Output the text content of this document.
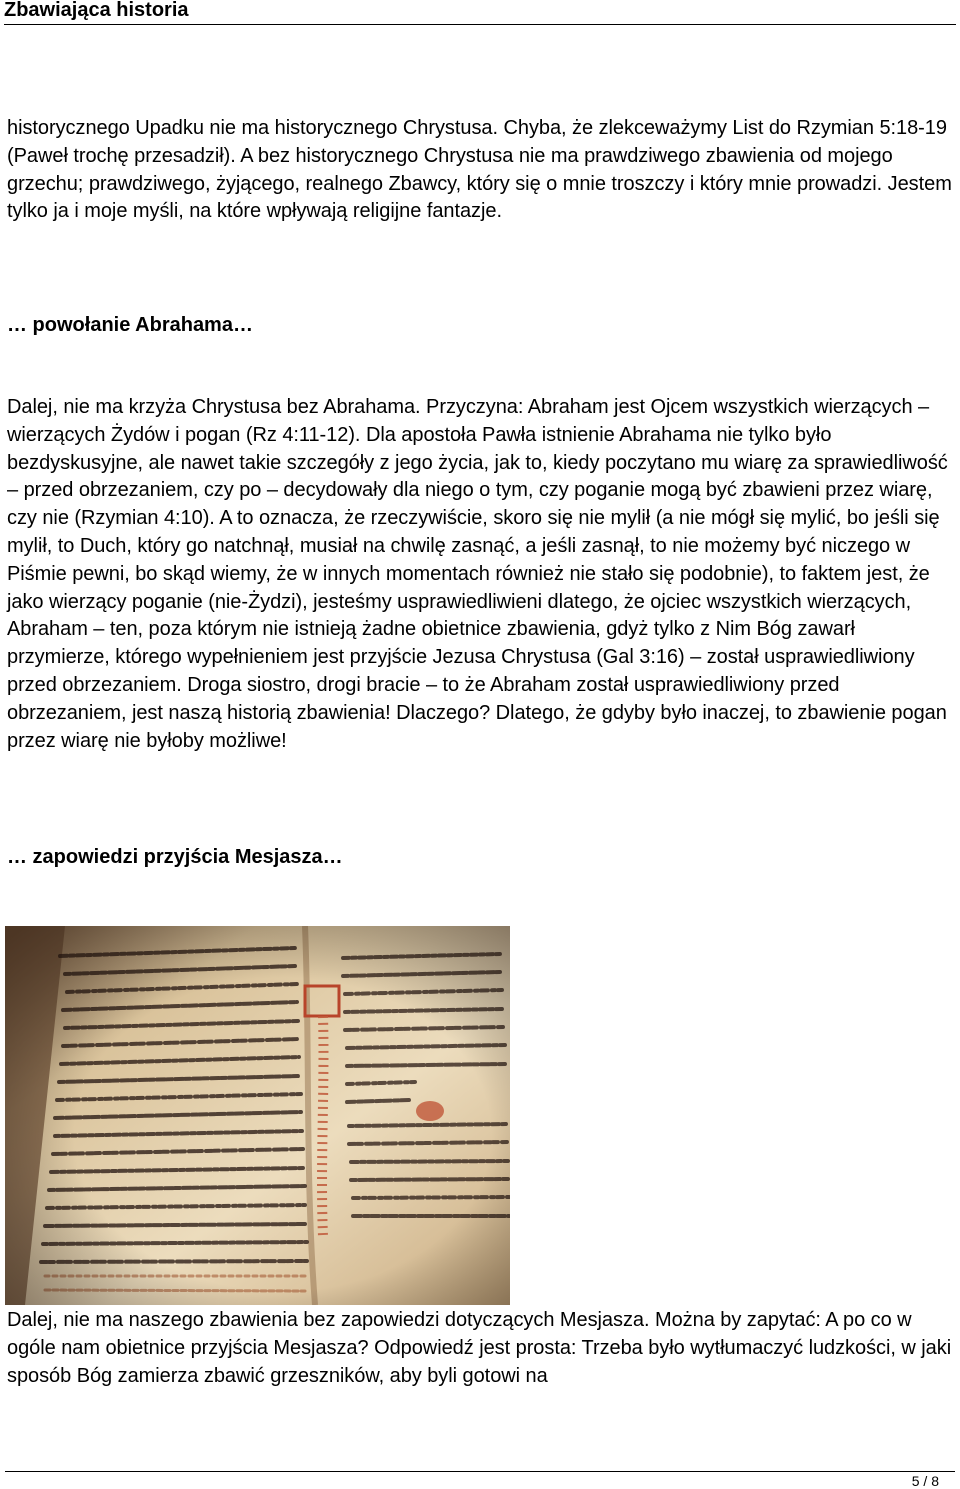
Zbawiająca historia

historycznego Upadku nie ma historycznego Chrystusa. Chyba, że zlekceważymy List do Rzymian 5:18-19 (Paweł trochę przesadził). A bez historycznego Chrystusa nie ma prawdziwego zbawienia od mojego grzechu; prawdziwego, żyjącego, realnego Zbawcy, który się o mnie troszczy i który mnie prowadzi. Jestem tylko ja i moje myśli, na które wpływają religijne fantazje.

… powołanie Abrahama…

Dalej, nie ma krzyża Chrystusa bez Abrahama. Przyczyna: Abraham jest Ojcem wszystkich wierzących – wierzących Żydów i pogan (Rz 4:11-12). Dla apostoła Pawła istnienie Abrahama nie tylko było bezdyskusyjne, ale nawet takie szczegóły z jego życia, jak to, kiedy poczytano mu wiarę za sprawiedliwość – przed obrzezaniem, czy po – decydowały dla niego o tym, czy poganie mogą być zbawieni przez wiarę, czy nie (Rzymian 4:10). A to oznacza, że rzeczywiście, skoro się nie mylił (a nie mógł się mylić, bo jeśli się mylił, to Duch, który go natchnął, musiał na chwilę zasnąć, a jeśli zasnął, to nie możemy być niczego w Piśmie pewni, bo skąd wiemy, że w innych momentach również nie stało się podobnie), to faktem jest, że jako wierzący poganie (nie-Żydzi), jesteśmy usprawiedliwieni dlatego, że ojciec wszystkich wierzących, Abraham – ten, poza którym nie istnieją żadne obietnice zbawienia, gdyż tylko z Nim Bóg zawarł przymierze, którego wypełnieniem jest przyjście Jezusa Chrystusa (Gal 3:16) – został usprawiedliwiony przed obrzezaniem. Droga siostro, drogi bracie – to że Abraham został usprawiedliwiony przed obrzezaniem, jest naszą historią zbawienia! Dlaczego? Dlatego, że gdyby było inaczej, to zbawienie pogan przez wiarę nie byłoby możliwe!

… zapowiedzi przyjścia Mesjasza…

Dalej, nie ma naszego zbawienia bez zapowiedzi dotyczących Mesjasza. Można by zapytać: A po co w ogóle nam obietnice przyjścia Mesjasza? Odpowiedź jest prosta: Trzeba było wytłumaczyć ludzkości, w jaki sposób Bóg zamierza zbawić grzeszników, aby byli gotowi na

5 / 8
